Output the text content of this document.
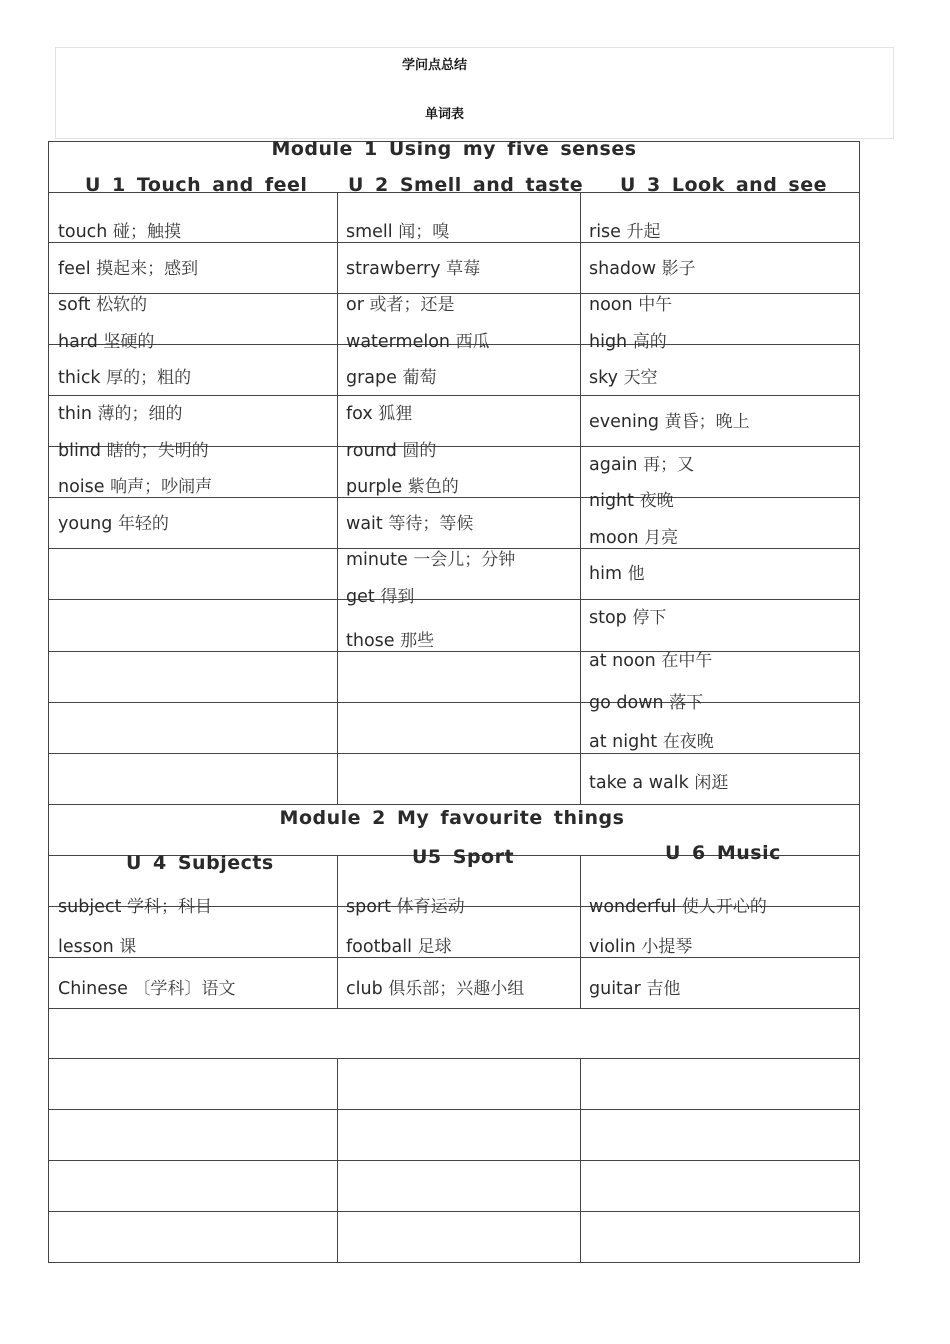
学问点总结
单词表
Module 1 Using my five senses
U 1 Touch and feel U 2 Smell and taste U 3 Look and see
touch 碰；触摸
feel 摸起来；感到
soft 松软的
hard 坚硬的
thick 厚的；粗的
thin 薄的；细的
blind 瞎的；失明的
noise 响声；吵闹声
young 年轻的
smell 闻；嗅
strawberry 草莓
or 或者；还是
watermelon 西瓜
grape 葡萄
fox 狐狸
round 圆的
purple 紫色的
wait 等待；等候
minute 一会儿；分钟
get 得到
those 那些
rise 升起
shadow 影子
noon 中午
high 高的
sky 天空
evening 黄昏；晚上
again 再；又
night 夜晚
moon 月亮
him 他
stop 停下
at noon 在中午
go down 落下
at night 在夜晚
take a walk 闲逛
Module 2 My favourite things
U 4 Subjects	U5 Sport	U 6 Music
subject 学科；科目
lesson 课
Chinese 〔学科〕语文
sport 体育运动
football 足球
club 俱乐部；兴趣小组
wonderful 使人开心的
violin 小提琴
guitar 吉他
